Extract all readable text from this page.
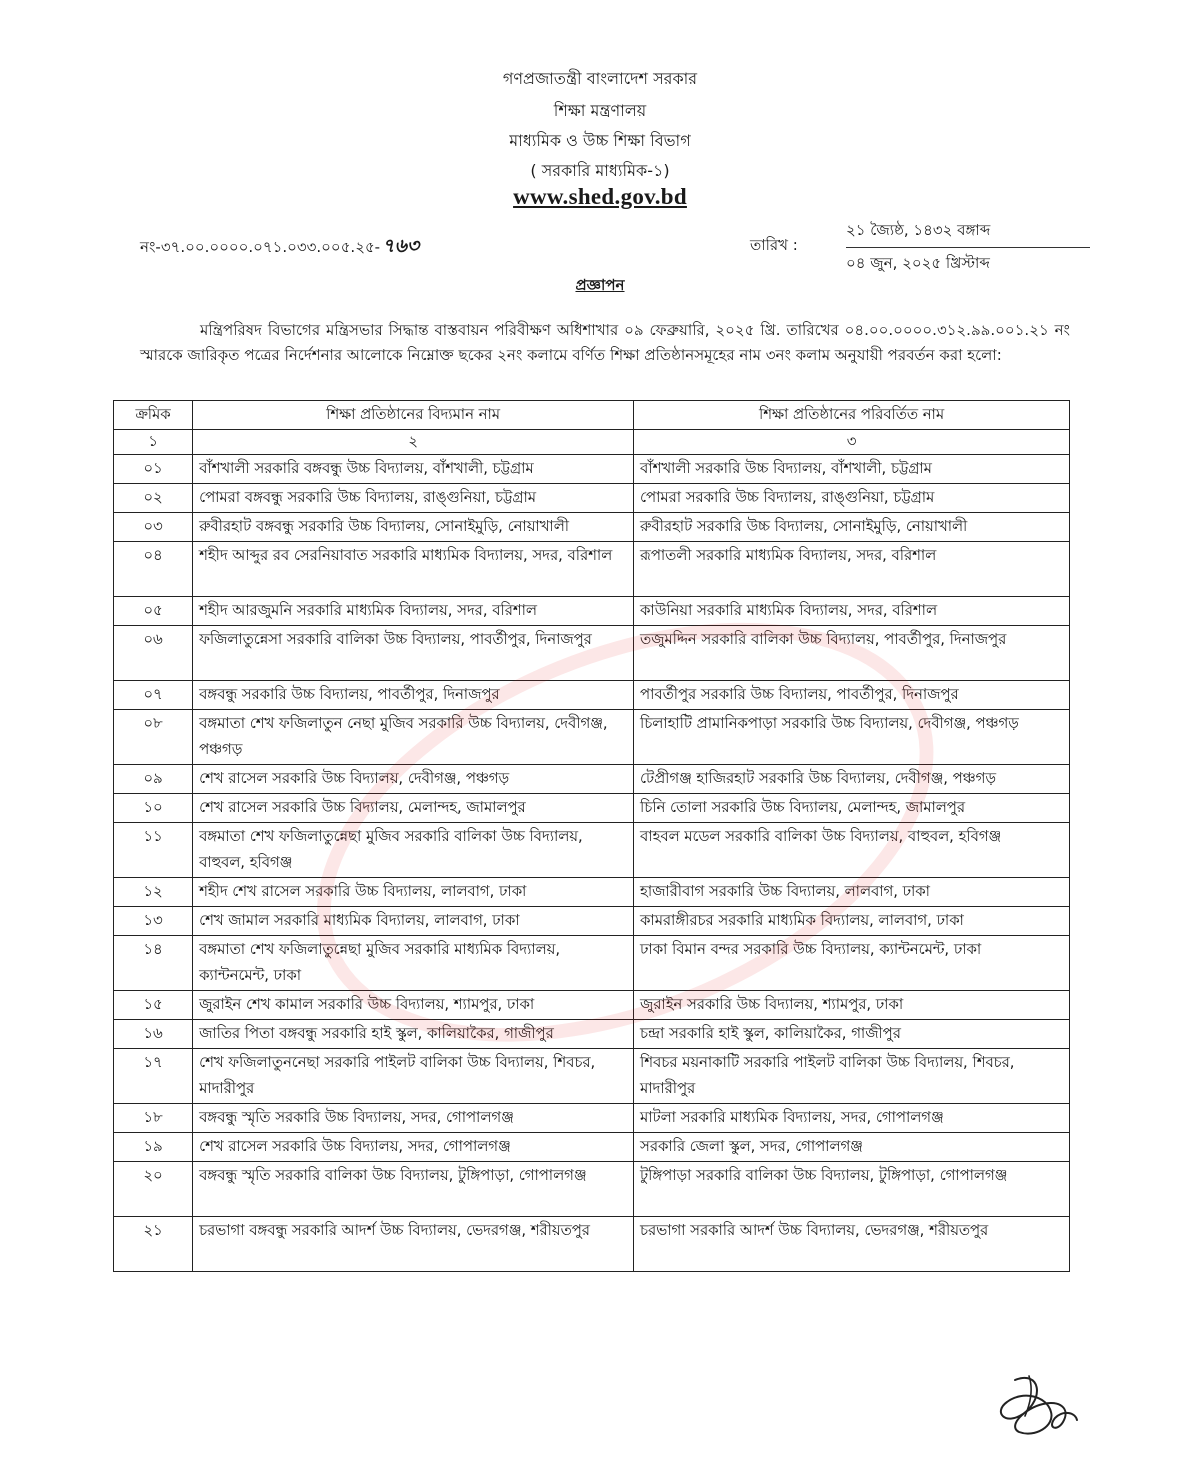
গণপ্রজাতন্ত্রী বাংলাদেশ সরকার
শিক্ষা মন্ত্রণালয়
মাধ্যমিক ও উচ্চ শিক্ষা বিভাগ
( সরকারি মাধ্যমিক-১)
www.shed.gov.bd
নং-৩৭.০০.০০০০.০৭১.০৩৩.০০৫.২৫- ৭৬৩	তারিখ :
২১ জ্যৈষ্ঠ, ১৪৩২ বঙ্গাব্দ
০৪ জুন, ২০২৫ খ্রিস্টাব্দ
প্রজ্ঞাপন
মন্ত্রিপরিষদ বিভাগের মন্ত্রিসভার সিদ্ধান্ত বাস্তবায়ন পরিবীক্ষণ অধিশাখার ০৯ ফেব্রুয়ারি, ২০২৫ খ্রি. তারিখের ০৪.০০.০০০০.৩১২.৯৯.০০১.২১ নং স্মারকে জারিকৃত পত্রের নির্দেশনার আলোকে নিম্নোক্ত ছকের ২নং কলামে বর্ণিত শিক্ষা প্রতিষ্ঠানসমূহের নাম ৩নং কলাম অনুযায়ী পরবর্তন করা হলো:
ক্রমিক	শিক্ষা প্রতিষ্ঠানের বিদ্যমান নাম	শিক্ষা প্রতিষ্ঠানের পরিবর্তিত নাম
১	২	৩
০১	বাঁশখালী সরকারি বঙ্গবন্ধু উচ্চ বিদ্যালয়, বাঁশখালী, চট্টগ্রাম	বাঁশখালী সরকারি উচ্চ বিদ্যালয়, বাঁশখালী, চট্টগ্রাম
০২	পোমরা বঙ্গবন্ধু সরকারি উচ্চ বিদ্যালয়, রাঙ্গুনিয়া, চট্টগ্রাম	পোমরা সরকারি উচ্চ বিদ্যালয়, রাঙ্গুনিয়া, চট্টগ্রাম
০৩	রুবীরহাট বঙ্গবন্ধু সরকারি উচ্চ বিদ্যালয়, সোনাইমুড়ি, নোয়াখালী	রুবীরহাট সরকারি উচ্চ বিদ্যালয়, সোনাইমুড়ি, নোয়াখালী
০৪	শহীদ আব্দুর রব সেরনিয়াবাত সরকারি মাধ্যমিক বিদ্যালয়, সদর, বরিশাল	রূপাতলী সরকারি মাধ্যমিক বিদ্যালয়, সদর, বরিশাল
০৫	শহীদ আরজুমনি সরকারি মাধ্যমিক বিদ্যালয়, সদর, বরিশাল	কাউনিয়া সরকারি মাধ্যমিক বিদ্যালয়, সদর, বরিশাল
০৬	ফজিলাতুন্নেসা সরকারি বালিকা উচ্চ বিদ্যালয়, পাবর্তীপুর, দিনাজপুর	তজুমদ্দিন সরকারি বালিকা উচ্চ বিদ্যালয়, পাবর্তীপুর, দিনাজপুর
০৭	বঙ্গবন্ধু সরকারি উচ্চ বিদ্যালয়, পাবর্তীপুর, দিনাজপুর	পাবর্তীপুর সরকারি উচ্চ বিদ্যালয়, পাবর্তীপুর, দিনাজপুর
০৮	বঙ্গমাতা শেখ ফজিলাতুন নেছা মুজিব সরকারি উচ্চ বিদ্যালয়, দেবীগঞ্জ, পঞ্চগড়	চিলাহাটি প্রামানিকপাড়া সরকারি উচ্চ বিদ্যালয়, দেবীগঞ্জ, পঞ্চগড়
০৯	শেখ রাসেল সরকারি উচ্চ বিদ্যালয়, দেবীগঞ্জ, পঞ্চগড়	টেপ্রীগঞ্জ হাজিরহাট সরকারি উচ্চ বিদ্যালয়, দেবীগঞ্জ, পঞ্চগড়
১০	শেখ রাসেল সরকারি উচ্চ বিদ্যালয়, মেলান্দহ, জামালপুর	চিনি তোলা সরকারি উচ্চ বিদ্যালয়, মেলান্দহ, জামালপুর
১১	বঙ্গমাতা শেখ ফজিলাতুন্নেছা মুজিব সরকারি বালিকা উচ্চ বিদ্যালয়, বাহুবল, হবিগঞ্জ	বাহবল মডেল সরকারি বালিকা উচ্চ বিদ্যালয়, বাহুবল, হবিগঞ্জ
১২	শহীদ শেখ রাসেল সরকারি উচ্চ বিদ্যালয়, লালবাগ, ঢাকা	হাজারীবাগ সরকারি উচ্চ বিদ্যালয়, লালবাগ, ঢাকা
১৩	শেখ জামাল সরকারি মাধ্যমিক বিদ্যালয়, লালবাগ, ঢাকা	কামরাঙ্গীরচর সরকারি মাধ্যমিক বিদ্যালয়, লালবাগ, ঢাকা
১৪	বঙ্গমাতা শেখ ফজিলাতুন্নেছা মুজিব সরকারি মাধ্যমিক বিদ্যালয়, ক্যান্টনমেন্ট, ঢাকা	ঢাকা বিমান বন্দর সরকারি উচ্চ বিদ্যালয়, ক্যান্টনমেন্ট, ঢাকা
১৫	জুরাইন শেখ কামাল সরকারি উচ্চ বিদ্যালয়, শ্যামপুর, ঢাকা	জুরাইন সরকারি উচ্চ বিদ্যালয়, শ্যামপুর, ঢাকা
১৬	জাতির পিতা বঙ্গবন্ধু সরকারি হাই স্কুল, কালিয়াকৈর, গাজীপুর	চন্দ্রা সরকারি হাই স্কুল, কালিয়াকৈর, গাজীপুর
১৭	শেখ ফজিলাতুননেছা সরকারি পাইলট বালিকা উচ্চ বিদ্যালয়, শিবচর, মাদারীপুর	শিবচর ময়নাকাটি সরকারি পাইলট বালিকা উচ্চ বিদ্যালয়, শিবচর, মাদারীপুর
১৮	বঙ্গবন্ধু স্মৃতি সরকারি উচ্চ বিদ্যালয়, সদর, গোপালগঞ্জ	মাটলা সরকারি মাধ্যমিক বিদ্যালয়, সদর, গোপালগঞ্জ
১৯	শেখ রাসেল সরকারি উচ্চ বিদ্যালয়, সদর, গোপালগঞ্জ	সরকারি জেলা স্কুল, সদর, গোপালগঞ্জ
২০	বঙ্গবন্ধু স্মৃতি সরকারি বালিকা উচ্চ বিদ্যালয়, টুঙ্গিপাড়া, গোপালগঞ্জ	টুঙ্গিপাড়া সরকারি বালিকা উচ্চ বিদ্যালয়, টুঙ্গিপাড়া, গোপালগঞ্জ
২১	চরভাগা বঙ্গবন্ধু সরকারি আদর্শ উচ্চ বিদ্যালয়, ভেদরগঞ্জ, শরীয়তপুর	চরভাগা সরকারি আদর্শ উচ্চ বিদ্যালয়, ভেদরগঞ্জ, শরীয়তপুর
